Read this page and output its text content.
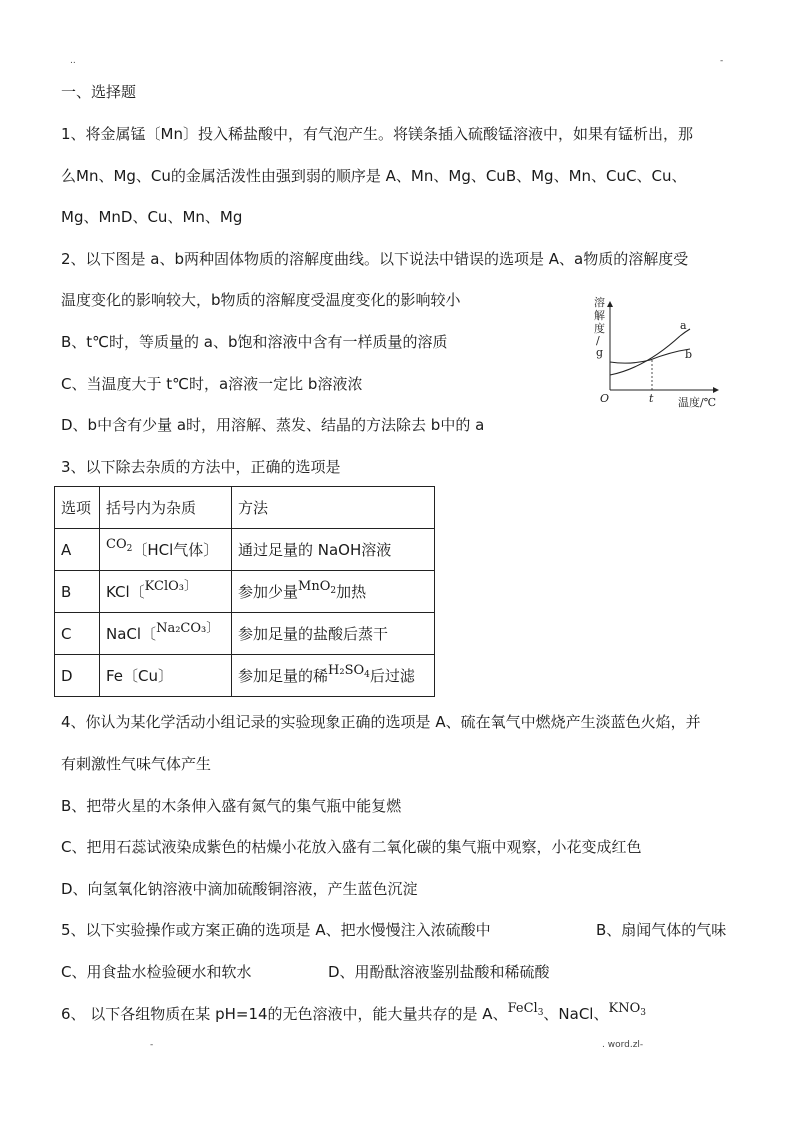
..	-
一、选择题
1、将金属锰〔Mn〕投入稀盐酸中，有气泡产生。将镁条插入硫酸锰溶液中，如果有锰析出，那
么Mn、Mg、Cu的金属活泼性由强到弱的顺序是 A、Mn、Mg、CuB、Mg、Mn、CuC、Cu、
Mg、MnD、Cu、Mn、Mg
2、以下图是 a、b两种固体物质的溶解度曲线。以下说法中错误的选项是 A、a物质的溶解度受
温度变化的影响较大，b物质的溶解度受温度变化的影响较小
B、t℃时，等质量的 a、b饱和溶液中含有一样质量的溶质
C、当温度大于 t℃时，a溶液一定比 b溶液浓
D、b中含有少量 a时，用溶解、蒸发、结晶的方法除去 b中的 a
溶
解
度
/
g
O	t 温度/℃
a
b
3、以下除去杂质的方法中，正确的选项是
选项	括号内为杂质	方法
A	$CO_2$〔HCl气体〕	通过足量的 NaOH溶液
B	KCl〔KClO₃〕	参加少量MnO$_2$加热
C	NaCl〔Na₂CO₃〕	参加足量的盐酸后蒸干
D	Fe〔Cu〕	参加足量的稀$H_2SO_4$后过滤
4、你认为某化学活动小组记录的实验现象正确的选项是 A、硫在氧气中燃烧产生淡蓝色火焰，并
有刺激性气味气体产生
B、把带火星的木条伸入盛有氮气的集气瓶中能复燃
C、把用石蕊试液染成紫色的枯燥小花放入盛有二氧化碳的集气瓶中观察，小花变成红色
D、向氢氧化钠溶液中滴加硫酸铜溶液，产生蓝色沉淀
5、以下实验操作或方案正确的选项是 A、把水慢慢注入浓硫酸中	B、扇闻气体的气味
C、用食盐水检验硬水和软水	D、用酚酞溶液鉴别盐酸和稀硫酸
6、 以下各组物质在某 pH=14的无色溶液中，能大量共存的是 A、FeCl$_3$、NaCl、$KNO_3$
-	. word.zl-
